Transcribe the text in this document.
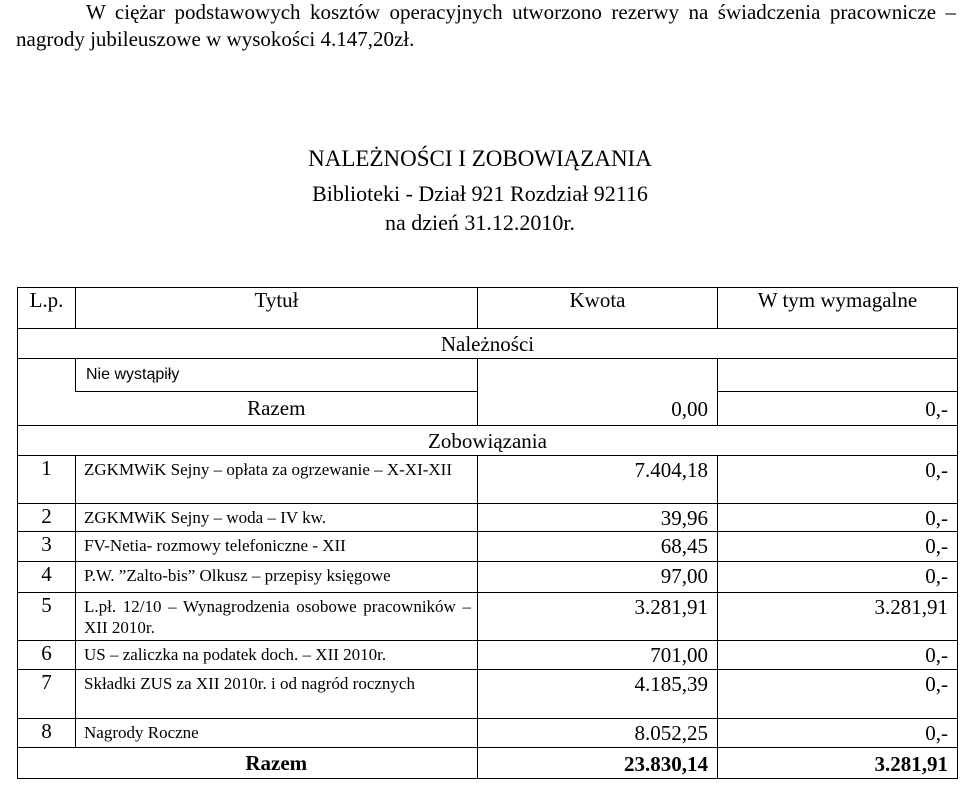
W ciężar podstawowych kosztów operacyjnych utworzono rezerwy na świadczenia pracownicze – nagrody jubileuszowe w wysokości 4.147,20zł.

NALEŻNOŚCI I ZOBOWIĄZANIA
Biblioteki - Dział 921 Rozdział 92116
na dzień 31.12.2010r.
L.p.	Tytuł	Kwota	W tym wymagalne
Należności			
	Nie wystąpiły		
	Razem	0,00	0,-
Zobowiązania			
1	ZGKMWiK Sejny – opłata za ogrzewanie – X-XI-XII	7.404,18	0,-
2	ZGKMWiK Sejny – woda – IV kw.	39,96	0,-
3	FV-Netia- rozmowy telefoniczne - XII	68,45	0,-
4	P.W. ”Zalto-bis” Olkusz – przepisy księgowe	97,00	0,-
5	L.pł. 12/10 – Wynagrodzenia osobowe pracowników – XII 2010r.	3.281,91	3.281,91
6	US – zaliczka na podatek doch. – XII 2010r.	701,00	0,-
7	Składki ZUS za XII 2010r. i od nagród rocznych	4.185,39	0,-
8	Nagrody Roczne	8.052,25	0,-
	Razem	23.830,14	3.281,91
